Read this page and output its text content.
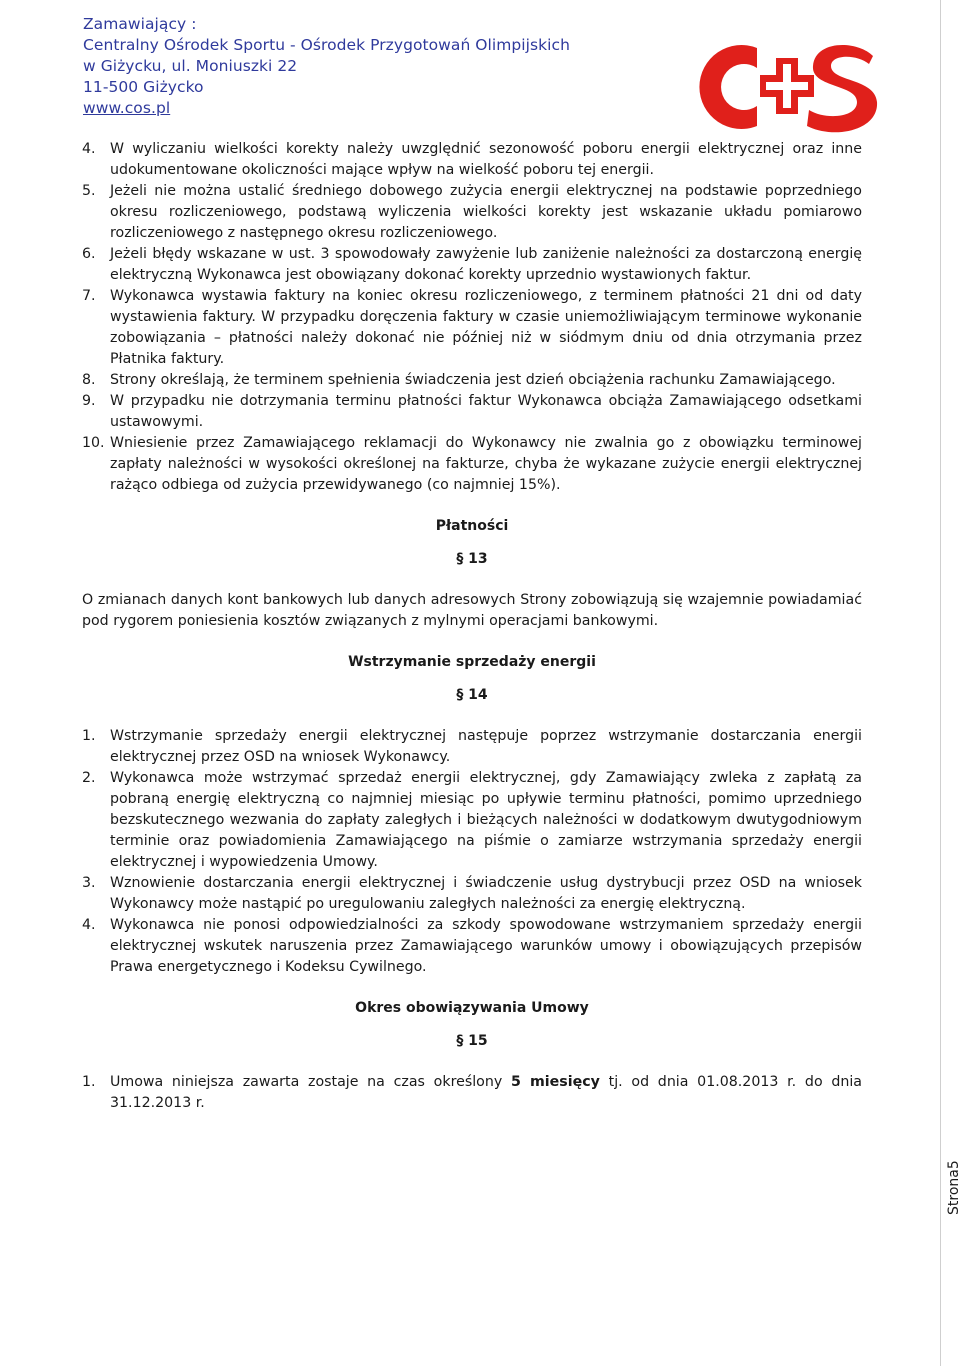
Zamawiający :
Centralny Ośrodek Sportu - Ośrodek Przygotowań Olimpijskich
w Giżycku, ul. Moniuszki 22
11-500 Giżycko
www.cos.pl
4.	W wyliczaniu wielkości korekty należy uwzględnić sezonowość poboru energii elektrycznej oraz inne udokumentowane okoliczności mające wpływ na wielkość poboru tej energii.
5.	Jeżeli nie można ustalić średniego dobowego zużycia energii elektrycznej na podstawie poprzedniego okresu rozliczeniowego, podstawą wyliczenia wielkości korekty jest wskazanie układu pomiarowo rozliczeniowego z następnego okresu rozliczeniowego.
6.	Jeżeli błędy wskazane w ust. 3 spowodowały zawyżenie lub zaniżenie należności za dostarczoną energię elektryczną Wykonawca jest obowiązany dokonać korekty uprzednio wystawionych faktur.
7.	Wykonawca wystawia faktury na koniec okresu rozliczeniowego, z terminem płatności 21 dni od daty wystawienia faktury. W przypadku doręczenia faktury w czasie uniemożliwiającym terminowe wykonanie zobowiązania – płatności należy dokonać nie później niż w siódmym dniu od dnia otrzymania przez Płatnika faktury.
8.	Strony określają, że terminem spełnienia świadczenia jest dzień obciążenia rachunku Zamawiającego.
9.	W przypadku nie dotrzymania terminu płatności faktur Wykonawca obciąża Zamawiającego odsetkami ustawowymi.
10. Wniesienie przez Zamawiającego reklamacji do Wykonawcy nie zwalnia go z obowiązku terminowej zapłaty należności w wysokości określonej na fakturze, chyba że wykazane zużycie energii elektrycznej rażąco odbiega od zużycia przewidywanego (co najmniej 15%).

Płatności

§ 13

O zmianach danych kont bankowych lub danych adresowych Strony zobowiązują się wzajemnie powiadamiać pod rygorem poniesienia kosztów związanych z mylnymi operacjami bankowymi.

Wstrzymanie sprzedaży energii

§ 14

1.	Wstrzymanie sprzedaży energii elektrycznej następuje poprzez wstrzymanie dostarczania energii elektrycznej przez OSD na wniosek Wykonawcy.
2.	Wykonawca może wstrzymać sprzedaż energii elektrycznej, gdy Zamawiający zwleka z zapłatą za pobraną energię elektryczną co najmniej miesiąc po upływie terminu płatności, pomimo uprzedniego bezskutecznego wezwania do zapłaty zaległych i bieżących należności w dodatkowym dwutygodniowym terminie oraz powiadomienia Zamawiającego na piśmie o zamiarze wstrzymania sprzedaży energii elektrycznej i wypowiedzenia Umowy.
3.	Wznowienie dostarczania energii elektrycznej i świadczenie usług dystrybucji przez OSD na wniosek Wykonawcy może nastąpić po uregulowaniu zaległych należności za energię elektryczną.
4.	Wykonawca nie ponosi odpowiedzialności za szkody spowodowane wstrzymaniem sprzedaży energii elektrycznej wskutek naruszenia przez Zamawiającego warunków umowy i obowiązujących przepisów Prawa energetycznego i Kodeksu Cywilnego.

Okres obowiązywania Umowy

§ 15

1.	Umowa niniejsza zawarta zostaje na czas określony 5 miesięcy tj. od dnia 01.08.2013 r. do dnia 31.12.2013 r.
Strona5
